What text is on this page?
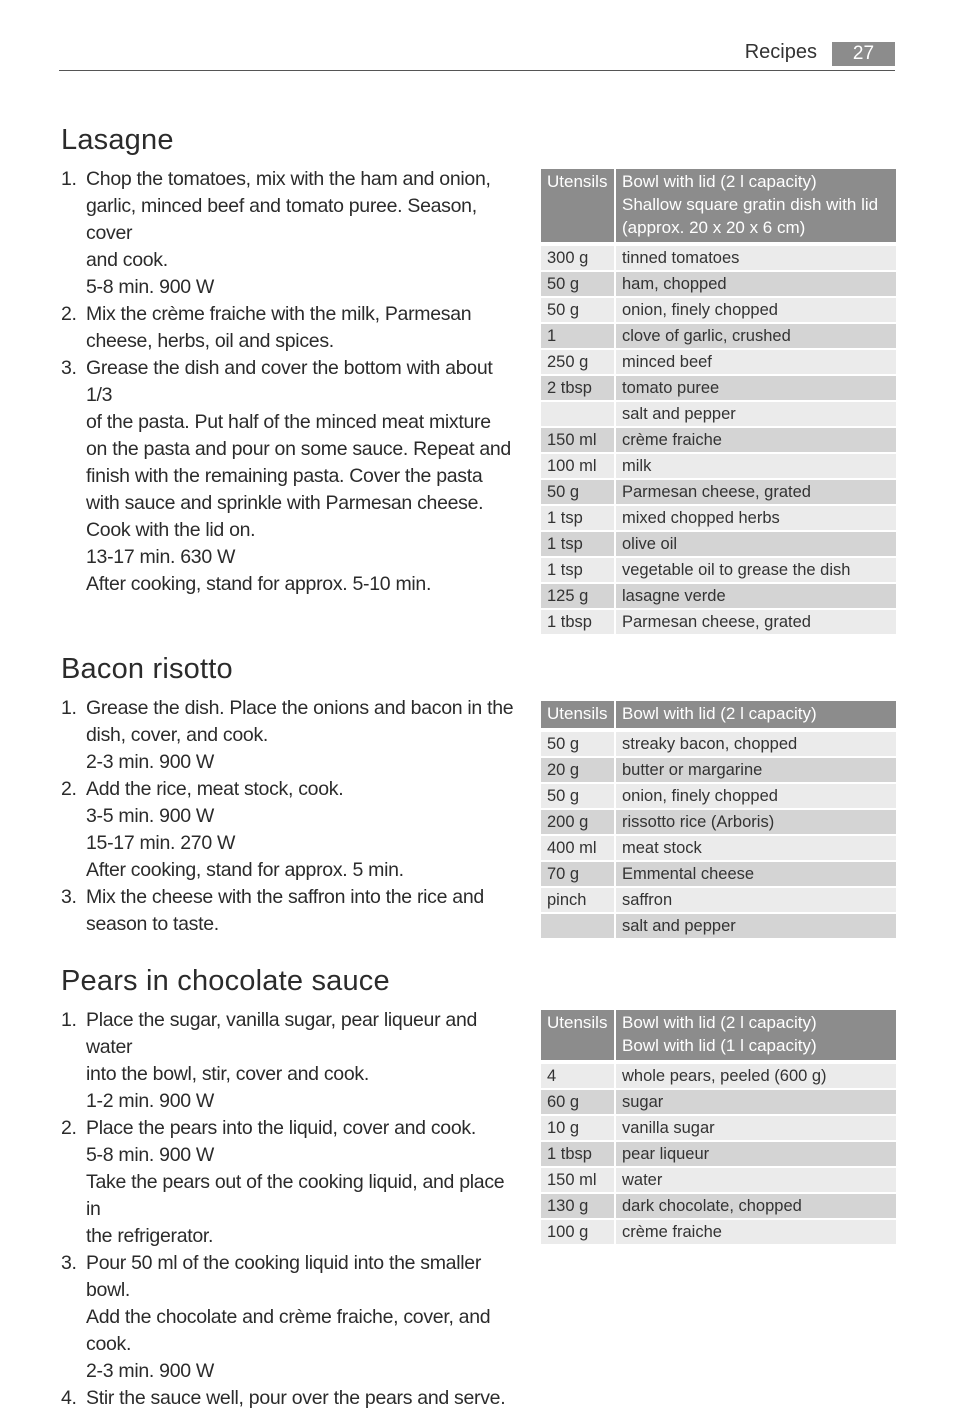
Recipes	27
Lasagne
1. Chop the tomatoes, mix with the ham and onion,
garlic, minced beef and tomato puree. Season, cover
and cook.
5-8 min. 900 W
2. Mix the crème fraiche with the milk, Parmesan
cheese, herbs, oil and spices.
3. Grease the dish and cover the bottom with about 1/3
of the pasta. Put half of the minced meat mixture
on the pasta and pour on some sauce. Repeat and
finish with the remaining pasta. Cover the pasta
with sauce and sprinkle with Parmesan cheese.
Cook with the lid on.
13-17 min. 630 W
After cooking, stand for approx. 5-10 min.
Utensils	Bowl with lid (2 l capacity)
Shallow square gratin dish with lid
(approx. 20 x 20 x 6 cm)

300 g	tinned tomatoes
50 g	ham, chopped
50 g	onion, finely chopped
1	clove of garlic, crushed
250 g	minced beef
2 tbsp	tomato puree
	salt and pepper
150 ml	crème fraiche
100 ml	milk
50 g	Parmesan cheese, grated
1 tsp	mixed chopped herbs
1 tsp	olive oil
1 tsp	vegetable oil to grease the dish
125 g	lasagne verde
1 tbsp	Parmesan cheese, grated
Bacon risotto
1. Grease the dish. Place the onions and bacon in the
dish, cover, and cook.
2-3 min. 900 W
2. Add the rice, meat stock, cook.
3-5 min. 900 W
15-17 min. 270 W
After cooking, stand for approx. 5 min.
3. Mix the cheese with the saffron into the rice and
season to taste.
Utensils	Bowl with lid (2 l capacity)

50 g	streaky bacon, chopped
20 g	butter or margarine
50 g	onion, finely chopped
200 g	rissotto rice (Arboris)
400 ml	meat stock
70 g	Emmental cheese
pinch	saffron
	salt and pepper
Pears in chocolate sauce
1. Place the sugar, vanilla sugar, pear liqueur and water
into the bowl, stir, cover and cook.
1-2 min. 900 W
2. Place the pears into the liquid, cover and cook.
5-8 min. 900 W
Take the pears out of the cooking liquid, and place in
the refrigerator.
3. Pour 50 ml of the cooking liquid into the smaller bowl.
Add the chocolate and crème fraiche, cover, and cook.
2-3 min. 900 W
4. Stir the sauce well, pour over the pears and serve.
Utensils	Bowl with lid (2 l capacity)
Bowl with lid (1 l capacity)

4	whole pears, peeled (600 g)
60 g	sugar
10 g	vanilla sugar
1 tbsp	pear liqueur
150 ml	water
130 g	dark chocolate, chopped
100 g	crème fraiche
